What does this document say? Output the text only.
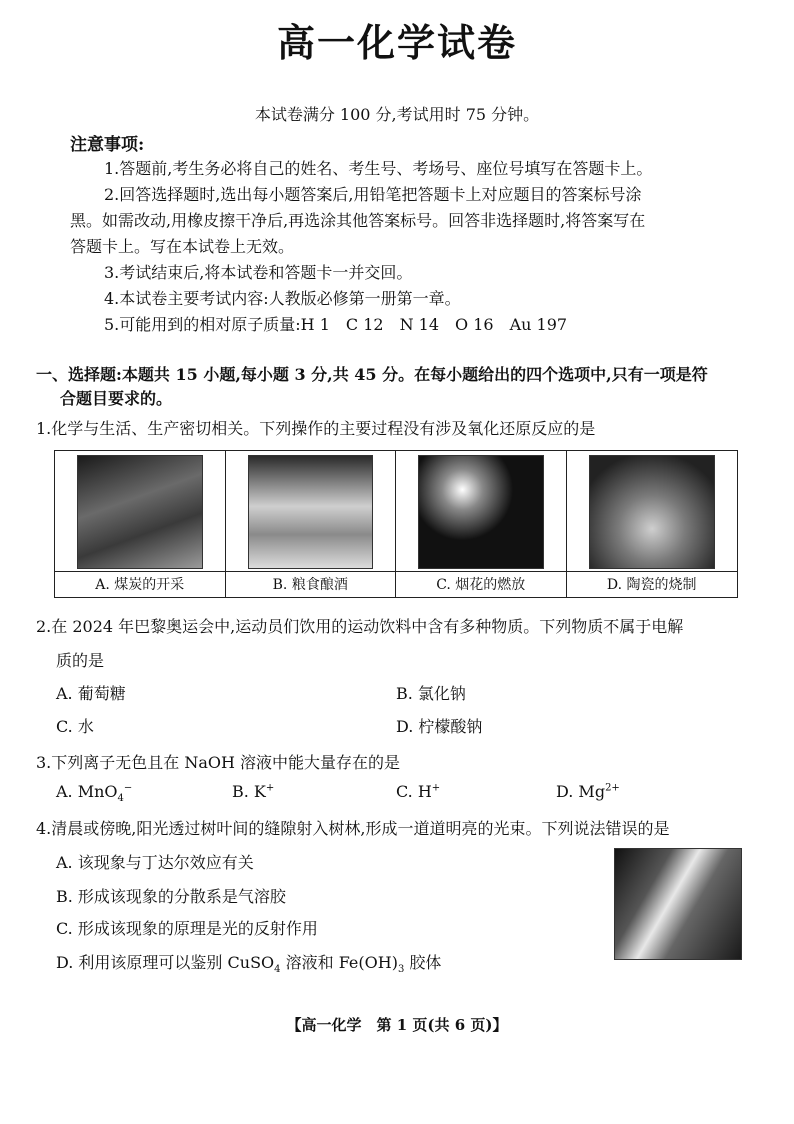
高一化学试卷
本试卷满分 100 分,考试用时 75 分钟。
注意事项:
1.答题前,考生务必将自己的姓名、考生号、考场号、座位号填写在答题卡上。
2.回答选择题时,选出每小题答案后,用铅笔把答题卡上对应题目的答案标号涂
黑。如需改动,用橡皮擦干净后,再选涂其他答案标号。回答非选择题时,将答案写在
答题卡上。写在本试卷上无效。
3.考试结束后,将本试卷和答题卡一并交回。
4.本试卷主要考试内容:人教版必修第一册第一章。
5.可能用到的相对原子质量:H 1　C 12　N 14　O 16　Au 197
一、选择题:本题共 15 小题,每小题 3 分,共 45 分。在每小题给出的四个选项中,只有一项是符
合题目要求的。
1.化学与生活、生产密切相关。下列操作的主要过程没有涉及氧化还原反应的是
A. 煤炭的开采	B. 粮食酿酒	C. 烟花的燃放	D. 陶瓷的烧制
2.在 2024 年巴黎奥运会中,运动员们饮用的运动饮料中含有多种物质。下列物质不属于电解
质的是
A. 葡萄糖	B. 氯化钠
C. 水	D. 柠檬酸钠
3.下列离子无色且在 NaOH 溶液中能大量存在的是
A. MnO$_4$−	B. K+	C. H+	D. $Mg^{2+}$
4.清晨或傍晚,阳光透过树叶间的缝隙射入树林,形成一道道明亮的光束。下列说法错误的是
A. 该现象与丁达尔效应有关
B. 形成该现象的分散系是气溶胶
C. 形成该现象的原理是光的反射作用
D. 利用该原理可以鉴别 CuSO$_4$ 溶液和 $Fe(OH)_3$ 胶体
【高一化学　第 1 页(共 6 页)】
